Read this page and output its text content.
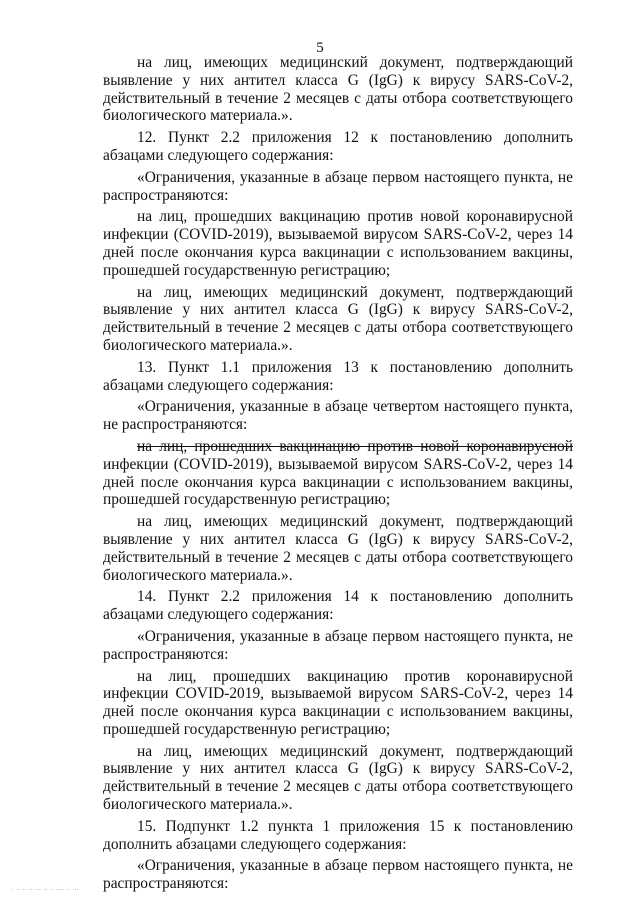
5

на лиц, имеющих медицинский документ, подтверждающий выявление у них антител класса G (IgG) к вирусу SARS-CoV-2, действительный в течение 2 месяцев с даты отбора соответствующего биологического материала.».

12. Пункт 2.2 приложения 12 к постановлению дополнить абзацами следующего содержания:

«Ограничения, указанные в абзаце первом настоящего пункта, не распространяются:

на лиц, прошедших вакцинацию против новой коронавирусной инфекции (COVID-2019), вызываемой вирусом SARS-CoV-2, через 14 дней после окончания курса вакцинации с использованием вакцины, прошедшей государственную регистрацию;

на лиц, имеющих медицинский документ, подтверждающий выявление у них антител класса G (IgG) к вирусу SARS-CoV-2, действительный в течение 2 месяцев с даты отбора соответствующего биологического материала.».

13. Пункт 1.1 приложения 13 к постановлению дополнить абзацами следующего содержания:

«Ограничения, указанные в абзаце четвертом настоящего пункта, не распространяются:

на лиц, прошедших вакцинацию против новой коронавирусной инфекции (COVID-2019), вызываемой вирусом SARS-CoV-2, через 14 дней после окончания курса вакцинации с использованием вакцины, прошедшей государственную регистрацию;

на лиц, имеющих медицинский документ, подтверждающий выявление у них антител класса G (IgG) к вирусу SARS-CoV-2, действительный в течение 2 месяцев с даты отбора соответствующего биологического материала.».

14. Пункт 2.2 приложения 14 к постановлению дополнить абзацами следующего содержания:

«Ограничения, указанные в абзаце первом настоящего пункта, не распространяются:

на лиц, прошедших вакцинацию против коронавирусной инфекции COVID-2019, вызываемой вирусом SARS-CoV-2, через 14 дней после окончания курса вакцинации с использованием вакцины, прошедшей государственную регистрацию;

на лиц, имеющих медицинский документ, подтверждающий выявление у них антител класса G (IgG) к вирусу SARS-CoV-2, действительный в течение 2 месяцев с даты отбора соответствующего биологического материала.».

15. Подпункт 1.2 пункта 1 приложения 15 к постановлению дополнить абзацами следующего содержания:

«Ограничения, указанные в абзаце первом настоящего пункта, не распространяются:

· ·· ·· ·· ··· ·· ·· ···· ·· ···
